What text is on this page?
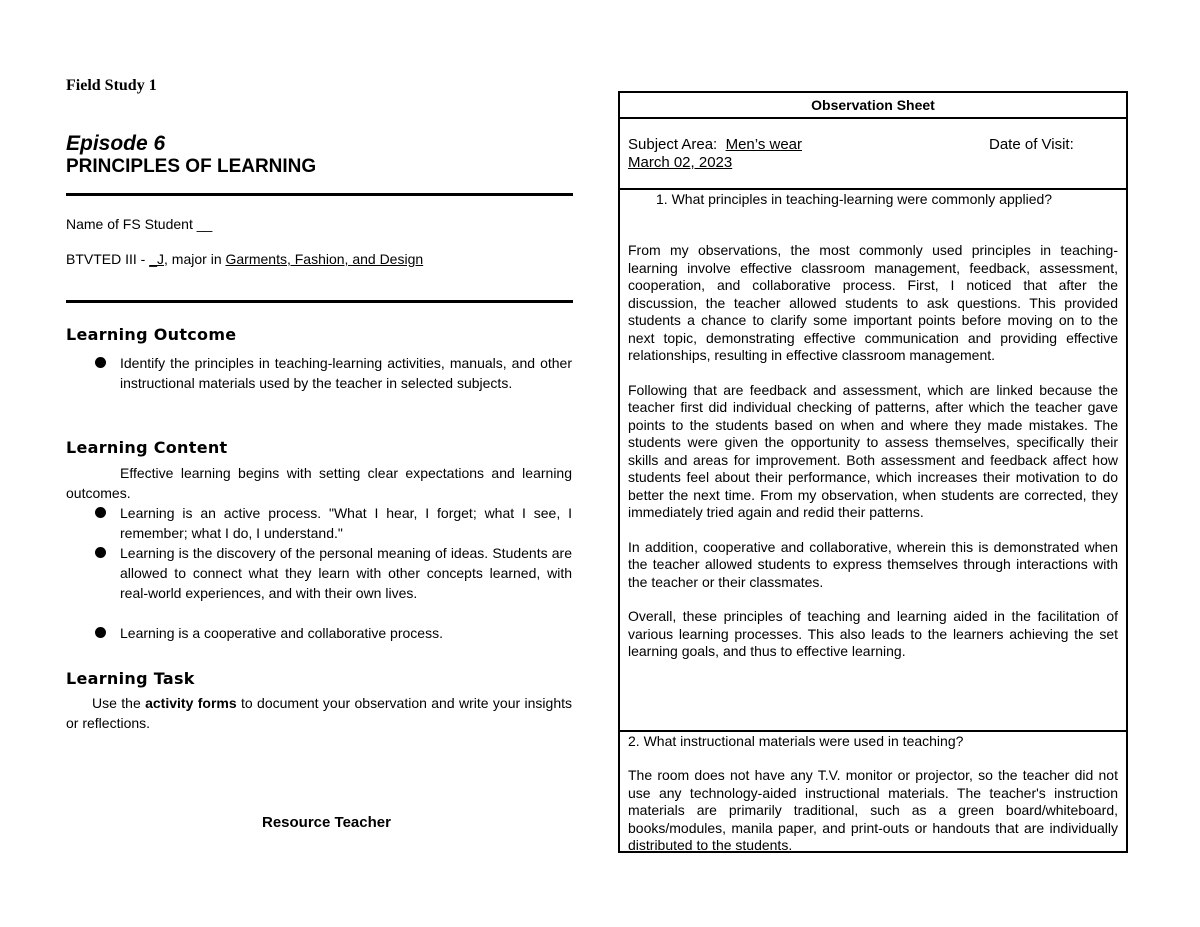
Field Study 1
Episode 6
PRINCIPLES OF LEARNING
Name of FS Student __
BTVTED III - _J, major in Garments, Fashion, and Design
Learning Outcome
Identify the principles in teaching-learning activities, manuals, and other instructional materials used by the teacher in selected subjects.
Learning Content
Effective learning begins with setting clear expectations and learning outcomes.
Learning is an active process. "What I hear, I forget; what I see, I remember; what I do, I understand."
Learning is the discovery of the personal meaning of ideas. Students are allowed to connect what they learn with other concepts learned, with real-world experiences, and with their own lives.
Learning is a cooperative and collaborative process.
Learning Task
Use the activity forms to document your observation and write your insights or reflections.
Resource Teacher
Observation Sheet
Subject Area: Men’s wear	Date of Visit:
March 02, 2023
1. What principles in teaching-learning were commonly applied?

From my observations, the most commonly used principles in teaching-learning involve effective classroom management, feedback, assessment, cooperation, and collaborative process. First, I noticed that after the discussion, the teacher allowed students to ask questions. This provided students a chance to clarify some important points before moving on to the next topic, demonstrating effective communication and providing effective relationships, resulting in effective classroom management.

Following that are feedback and assessment, which are linked because the teacher first did individual checking of patterns, after which the teacher gave points to the students based on when and where they made mistakes. The students were given the opportunity to assess themselves, specifically their skills and areas for improvement. Both assessment and feedback affect how students feel about their performance, which increases their motivation to do better the next time. From my observation, when students are corrected, they immediately tried again and redid their patterns.

In addition, cooperative and collaborative, wherein this is demonstrated when the teacher allowed students to express themselves through interactions with the teacher or their classmates.

Overall, these principles of teaching and learning aided in the facilitation of various learning processes. This also leads to the learners achieving the set learning goals, and thus to effective learning.

2. What instructional materials were used in teaching?

The room does not have any T.V. monitor or projector, so the teacher did not use any technology-aided instructional materials. The teacher's instruction materials are primarily traditional, such as a green board/whiteboard, books/modules, manila paper, and print-outs or handouts that are individually distributed to the students.
